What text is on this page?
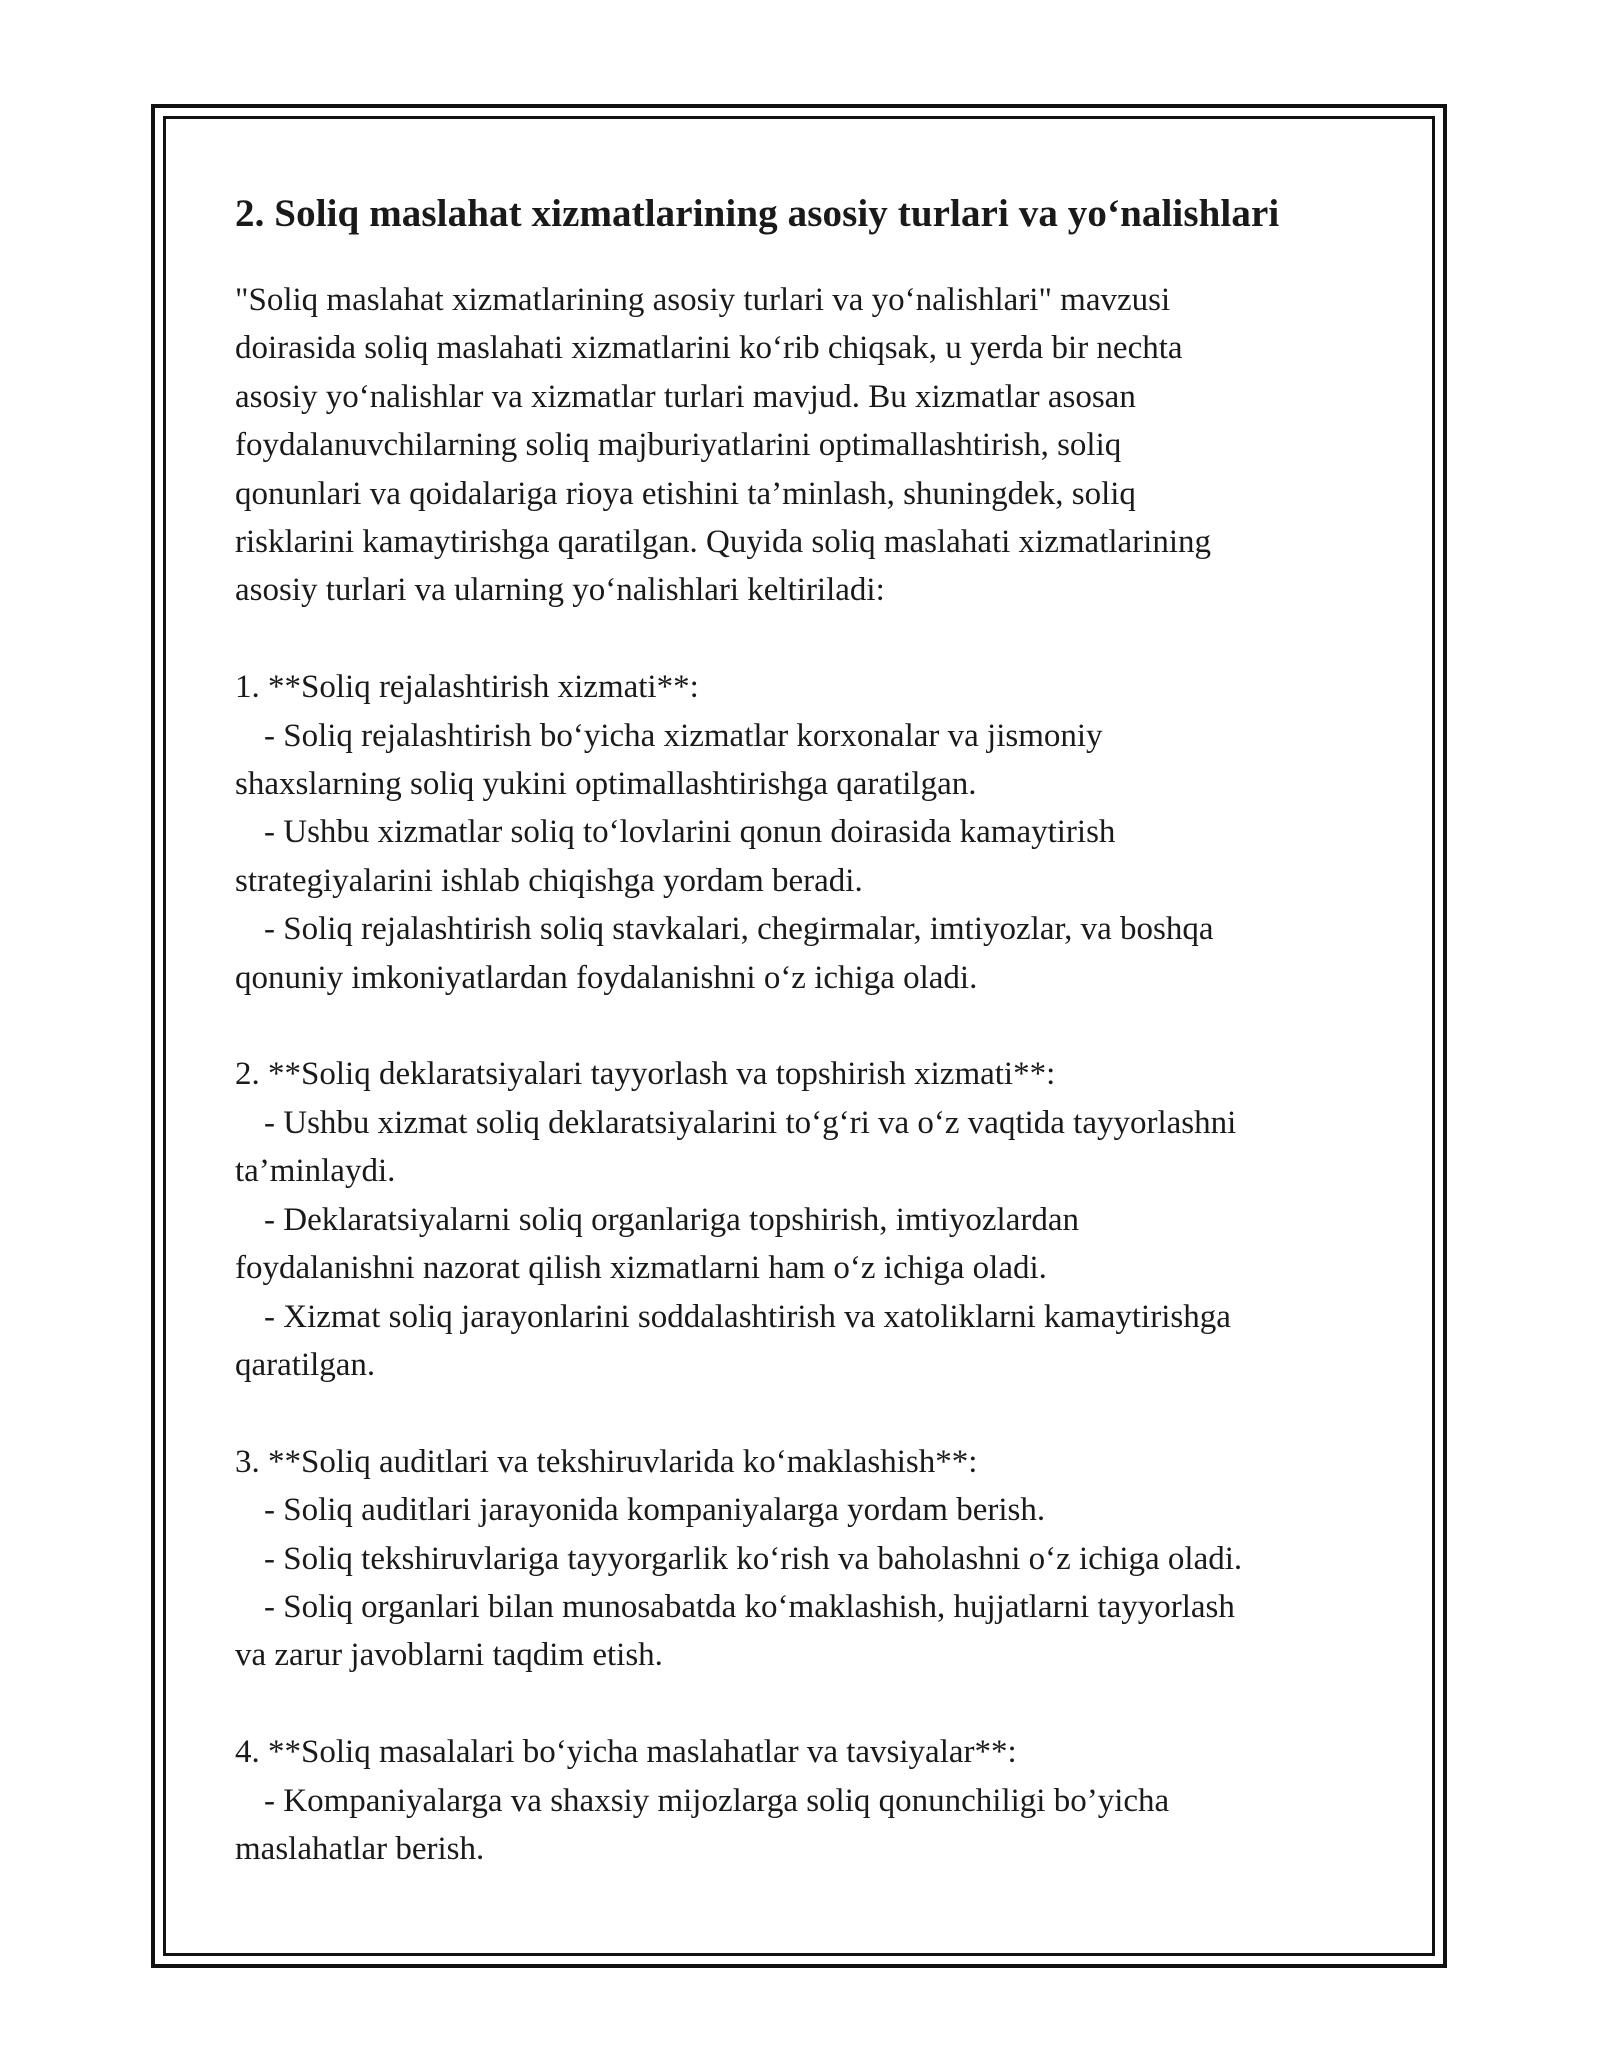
2. Soliq maslahat xizmatlarining asosiy turlari va yo‘nalishlari
"Soliq maslahat xizmatlarining asosiy turlari va yo‘nalishlari" mavzusi
doirasida soliq maslahati xizmatlarini ko‘rib chiqsak, u yerda bir nechta
asosiy yo‘nalishlar va xizmatlar turlari mavjud. Bu xizmatlar asosan
foydalanuvchilarning soliq majburiyatlarini optimallashtirish, soliq
qonunlari va qoidalariga rioya etishini ta’minlash, shuningdek, soliq
risklarini kamaytirishga qaratilgan. Quyida soliq maslahati xizmatlarining
asosiy turlari va ularning yo‘nalishlari keltiriladi:
1. **Soliq rejalashtirish xizmati**:
- Soliq rejalashtirish bo‘yicha xizmatlar korxonalar va jismoniy
shaxslarning soliq yukini optimallashtirishga qaratilgan.
- Ushbu xizmatlar soliq to‘lovlarini qonun doirasida kamaytirish
strategiyalarini ishlab chiqishga yordam beradi.
- Soliq rejalashtirish soliq stavkalari, chegirmalar, imtiyozlar, va boshqa
qonuniy imkoniyatlardan foydalanishni o‘z ichiga oladi.
2. **Soliq deklaratsiyalari tayyorlash va topshirish xizmati**:
- Ushbu xizmat soliq deklaratsiyalarini to‘g‘ri va o‘z vaqtida tayyorlashni
ta’minlaydi.
- Deklaratsiyalarni soliq organlariga topshirish, imtiyozlardan
foydalanishni nazorat qilish xizmatlarni ham o‘z ichiga oladi.
- Xizmat soliq jarayonlarini soddalashtirish va xatoliklarni kamaytirishga
qaratilgan.
3. **Soliq auditlari va tekshiruvlarida ko‘maklashish**:
- Soliq auditlari jarayonida kompaniyalarga yordam berish.
- Soliq tekshiruvlariga tayyorgarlik ko‘rish va baholashni o‘z ichiga oladi.
- Soliq organlari bilan munosabatda ko‘maklashish, hujjatlarni tayyorlash
va zarur javoblarni taqdim etish.
4. **Soliq masalalari bo‘yicha maslahatlar va tavsiyalar**:
- Kompaniyalarga va shaxsiy mijozlarga soliq qonunchiligi bo’yicha
maslahatlar berish.
